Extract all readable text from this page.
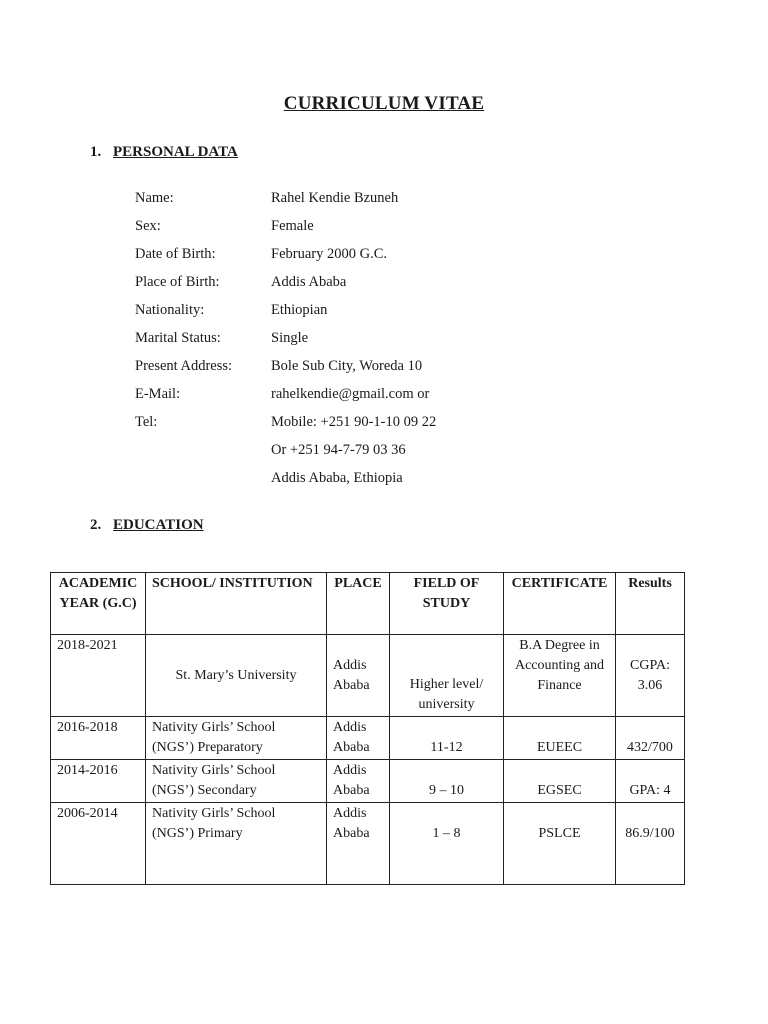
CURRICULUM VITAE
1. PERSONAL DATA
Name:	Rahel Kendie Bzuneh
Sex:	Female
Date of Birth:	February 2000 G.C.
Place of Birth:	Addis Ababa
Nationality:	Ethiopian
Marital Status:	Single
Present Address:	Bole Sub City, Woreda 10
E-Mail:	rahelkendie@gmail.com or
Tel:	Mobile: +251 90-1-10 09 22
Or +251 94-7-79 03 36
Addis Ababa, Ethiopia
2. EDUCATION
ACADEMIC YEAR (G.C)	SCHOOL/ INSTITUTION	PLACE	FIELD OF STUDY	CERTIFICATE	Results
2018-2021	St. Mary’s University	Addis Ababa	Higher level/ university	B.A Degree in Accounting and Finance	CGPA: 3.06
2016-2018	Nativity Girls’ School (NGS’) Preparatory	Addis Ababa	11-12	EUEEC	432/700
2014-2016	Nativity Girls’ School (NGS’) Secondary	Addis Ababa	9 – 10	EGSEC	GPA: 4
2006-2014	Nativity Girls’ School (NGS’) Primary	Addis Ababa	1 – 8	PSLCE	86.9/100
